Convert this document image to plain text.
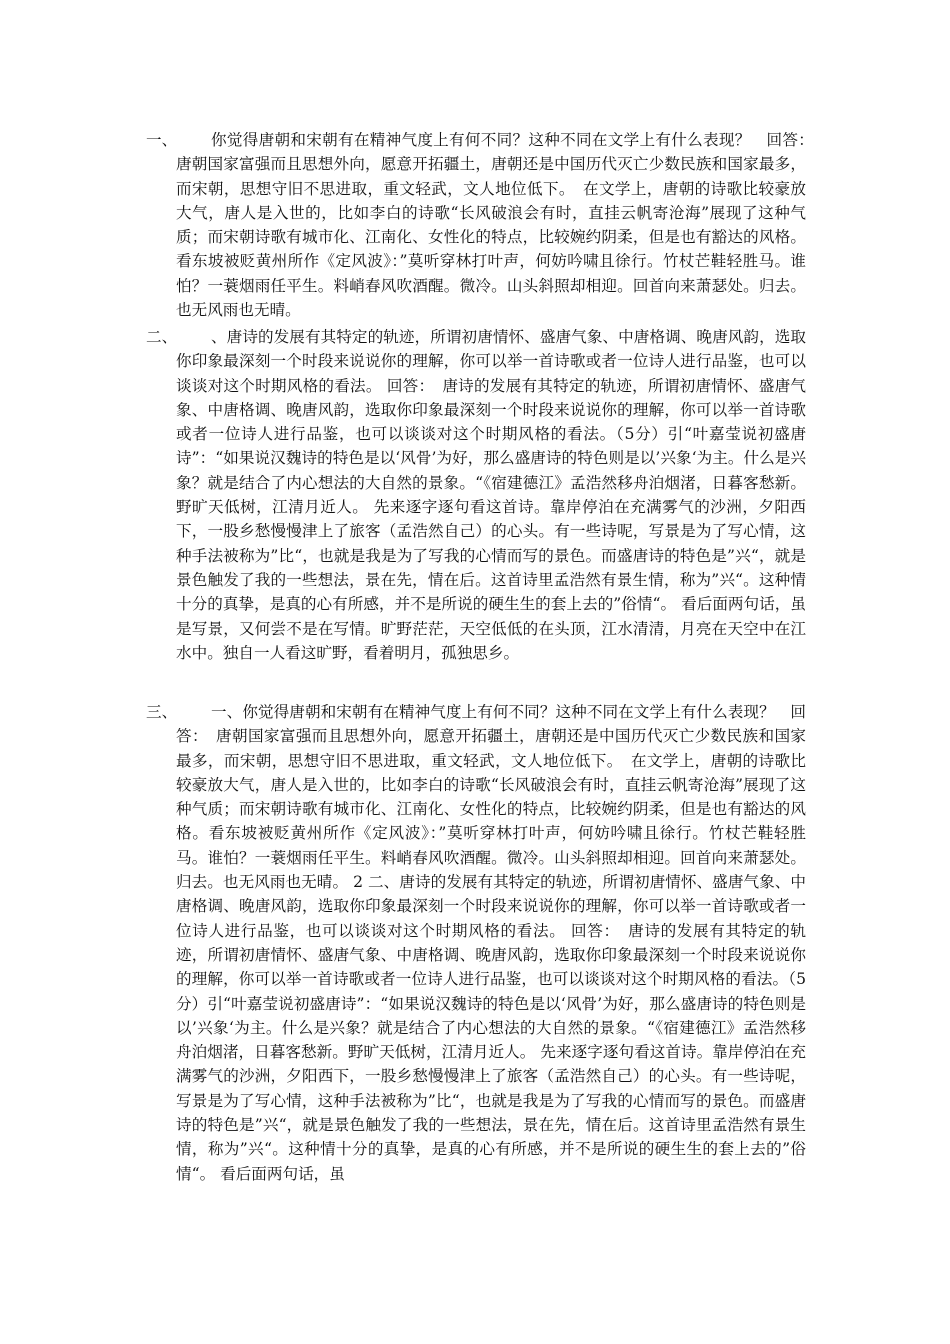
一、	你觉得唐朝和宋朝有在精神气度上有何不同？这种不同在文学上有什么表现？　回答：　唐朝国家富强而且思想外向，愿意开拓疆土，唐朝还是中国历代灭亡少数民族和国家最多，而宋朝，思想守旧不思进取，重文轻武，文人地位低下。　在文学上，唐朝的诗歌比较豪放大气，唐人是入世的，比如李白的诗歌“长风破浪会有时，直挂云帆寄沧海”展现了这种气质；而宋朝诗歌有城市化、江南化、女性化的特点，比较婉约阴柔，但是也有豁达的风格。看东坡被贬黄州所作《定风波》：”莫听穿林打叶声，何妨吟啸且徐行。竹杖芒鞋轻胜马。谁怕？一蓑烟雨任平生。料峭春风吹酒醒。微冷。山头斜照却相迎。回首向来萧瑟处。归去。也无风雨也无晴。
二、	、唐诗的发展有其特定的轨迹，所谓初唐情怀、盛唐气象、中唐格调、晚唐风韵，选取你印象最深刻一个时段来说说你的理解，你可以举一首诗歌或者一位诗人进行品鉴，也可以谈谈对这个时期风格的看法。 回答：　唐诗的发展有其特定的轨迹，所谓初唐情怀、盛唐气象、中唐格调、晚唐风韵，选取你印象最深刻一个时段来说说你的理解，你可以举一首诗歌或者一位诗人进行品鉴，也可以谈谈对这个时期风格的看法。（5分）引“叶嘉莹说初盛唐诗”：“如果说汉魏诗的特色是以‘风骨’为好，那么盛唐诗的特色则是以’兴象‘为主。什么是兴象？就是结合了内心想法的大自然的景象。“《宿建德江》孟浩然移舟泊烟渚，日暮客愁新。野旷天低树，江清月近人。 先来逐字逐句看这首诗。靠岸停泊在充满雾气的沙洲，夕阳西下，一股乡愁慢慢津上了旅客（孟浩然自己）的心头。有一些诗呢，写景是为了写心情，这种手法被称为”比“，也就是我是为了写我的心情而写的景色。而盛唐诗的特色是”兴“，就是景色触发了我的一些想法，景在先，情在后。这首诗里孟浩然有景生情，称为”兴“。这种情十分的真挚，是真的心有所感，并不是所说的硬生生的套上去的”俗情“。 看后面两句话，虽是写景，又何尝不是在写情。旷野茫茫，天空低低的在头顶，江水清清，月亮在天空中在江水中。独自一人看这旷野，看着明月，孤独思乡。
三、	一、你觉得唐朝和宋朝有在精神气度上有何不同？这种不同在文学上有什么表现？　回答：　唐朝国家富强而且思想外向，愿意开拓疆土，唐朝还是中国历代灭亡少数民族和国家最多，而宋朝，思想守旧不思进取，重文轻武，文人地位低下。　在文学上，唐朝的诗歌比较豪放大气，唐人是入世的，比如李白的诗歌“长风破浪会有时，直挂云帆寄沧海”展现了这种气质；而宋朝诗歌有城市化、江南化、女性化的特点，比较婉约阴柔，但是也有豁达的风格。看东坡被贬黄州所作《定风波》：”莫听穿林打叶声，何妨吟啸且徐行。竹杖芒鞋轻胜马。谁怕？一蓑烟雨任平生。料峭春风吹酒醒。微冷。山头斜照却相迎。回首向来萧瑟处。归去。也无风雨也无晴。 2 二、唐诗的发展有其特定的轨迹，所谓初唐情怀、盛唐气象、中唐格调、晚唐风韵，选取你印象最深刻一个时段来说说你的理解，你可以举一首诗歌或者一位诗人进行品鉴，也可以谈谈对这个时期风格的看法。 回答：　唐诗的发展有其特定的轨迹，所谓初唐情怀、盛唐气象、中唐格调、晚唐风韵，选取你印象最深刻一个时段来说说你的理解，你可以举一首诗歌或者一位诗人进行品鉴，也可以谈谈对这个时期风格的看法。（5分）引“叶嘉莹说初盛唐诗”：“如果说汉魏诗的特色是以‘风骨’为好，那么盛唐诗的特色则是以’兴象‘为主。什么是兴象？就是结合了内心想法的大自然的景象。“《宿建德江》孟浩然移舟泊烟渚，日暮客愁新。野旷天低树，江清月近人。 先来逐字逐句看这首诗。靠岸停泊在充满雾气的沙洲，夕阳西下，一股乡愁慢慢津上了旅客（孟浩然自己）的心头。有一些诗呢，写景是为了写心情，这种手法被称为”比“，也就是我是为了写我的心情而写的景色。而盛唐诗的特色是”兴“，就是景色触发了我的一些想法，景在先，情在后。这首诗里孟浩然有景生情，称为”兴“。这种情十分的真挚，是真的心有所感，并不是所说的硬生生的套上去的”俗情“。 看后面两句话，虽
